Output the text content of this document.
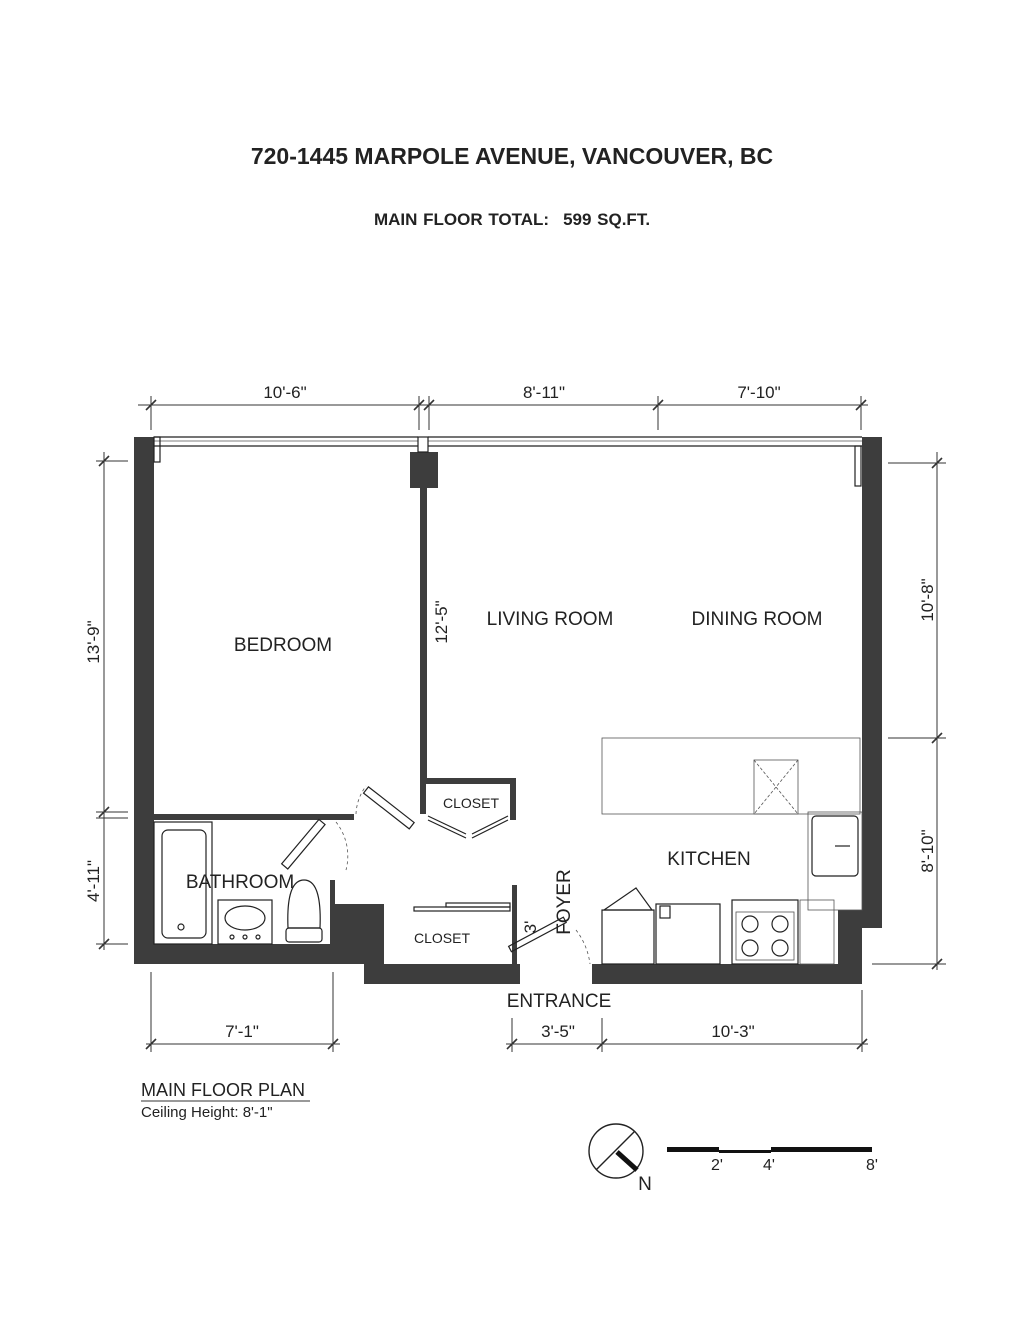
720-1445 MARPOLE AVENUE, VANCOUVER, BC
MAIN FLOOR TOTAL: 599 SQ.FT.
BEDROOM
LIVING ROOM	DINING ROOM
KITCHEN
BATHROOM
CLOSET
CLOSET
FOYER
ENTRANCE
10'-6"	8'-11"	7'-10"
13'-9"
4'-11"
10'-8"
8'-10"
12'-5"
3'
7'-1"	3'-5"	10'-3"
MAIN FLOOR PLAN
Ceiling Height: 8'-1"
N
2'	4'	8'
